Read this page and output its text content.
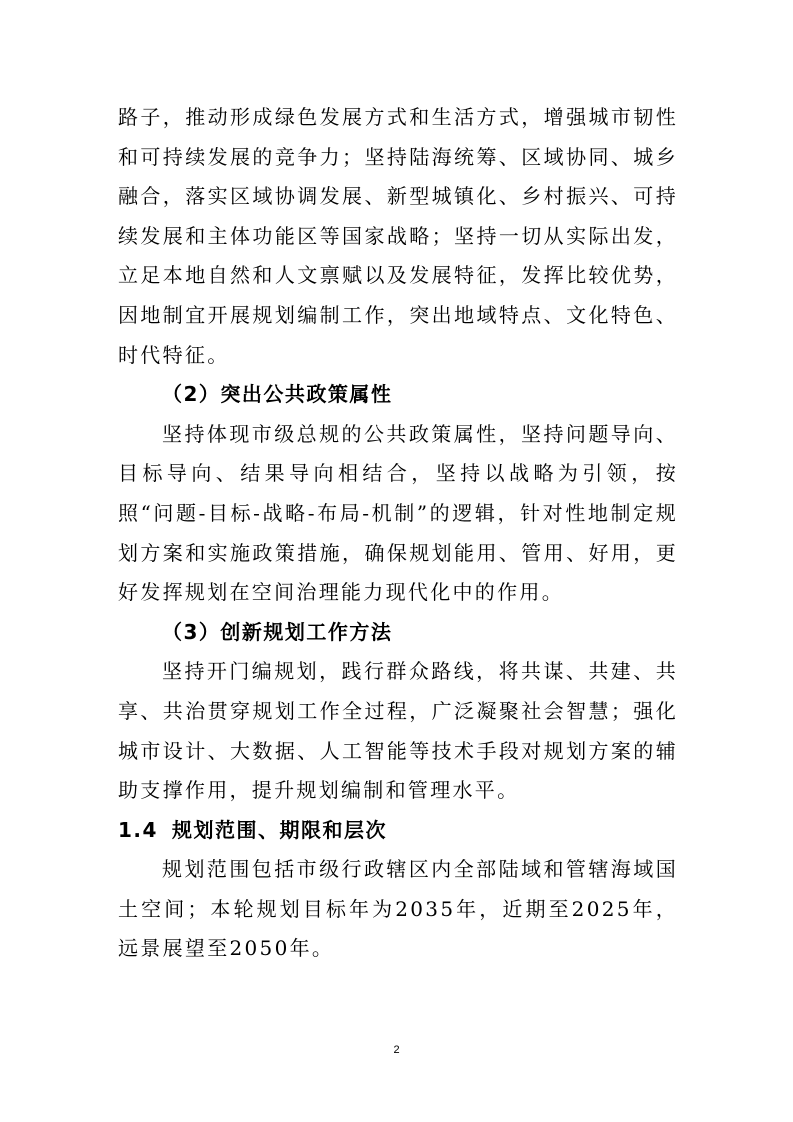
路子，推动形成绿色发展方式和生活方式，增强城市韧性和可持续发展的竞争力；坚持陆海统筹、区域协同、城乡融合，落实区域协调发展、新型城镇化、乡村振兴、可持续发展和主体功能区等国家战略；坚持一切从实际出发，立足本地自然和人文禀赋以及发展特征，发挥比较优势，因地制宜开展规划编制工作，突出地域特点、文化特色、时代特征。

（2）突出公共政策属性

坚持体现市级总规的公共政策属性，坚持问题导向、目标导向、结果导向相结合，坚持以战略为引领，按照“问题-目标-战略-布局-机制”的逻辑，针对性地制定规划方案和实施政策措施，确保规划能用、管用、好用，更好发挥规划在空间治理能力现代化中的作用。

（3）创新规划工作方法

坚持开门编规划，践行群众路线，将共谋、共建、共享、共治贯穿规划工作全过程，广泛凝聚社会智慧；强化城市设计、大数据、人工智能等技术手段对规划方案的辅助支撑作用，提升规划编制和管理水平。

1.4 规划范围、期限和层次

规划范围包括市级行政辖区内全部陆域和管辖海域国土空间；本轮规划目标年为2035年，近期至2025年，远景展望至2050年。

2
